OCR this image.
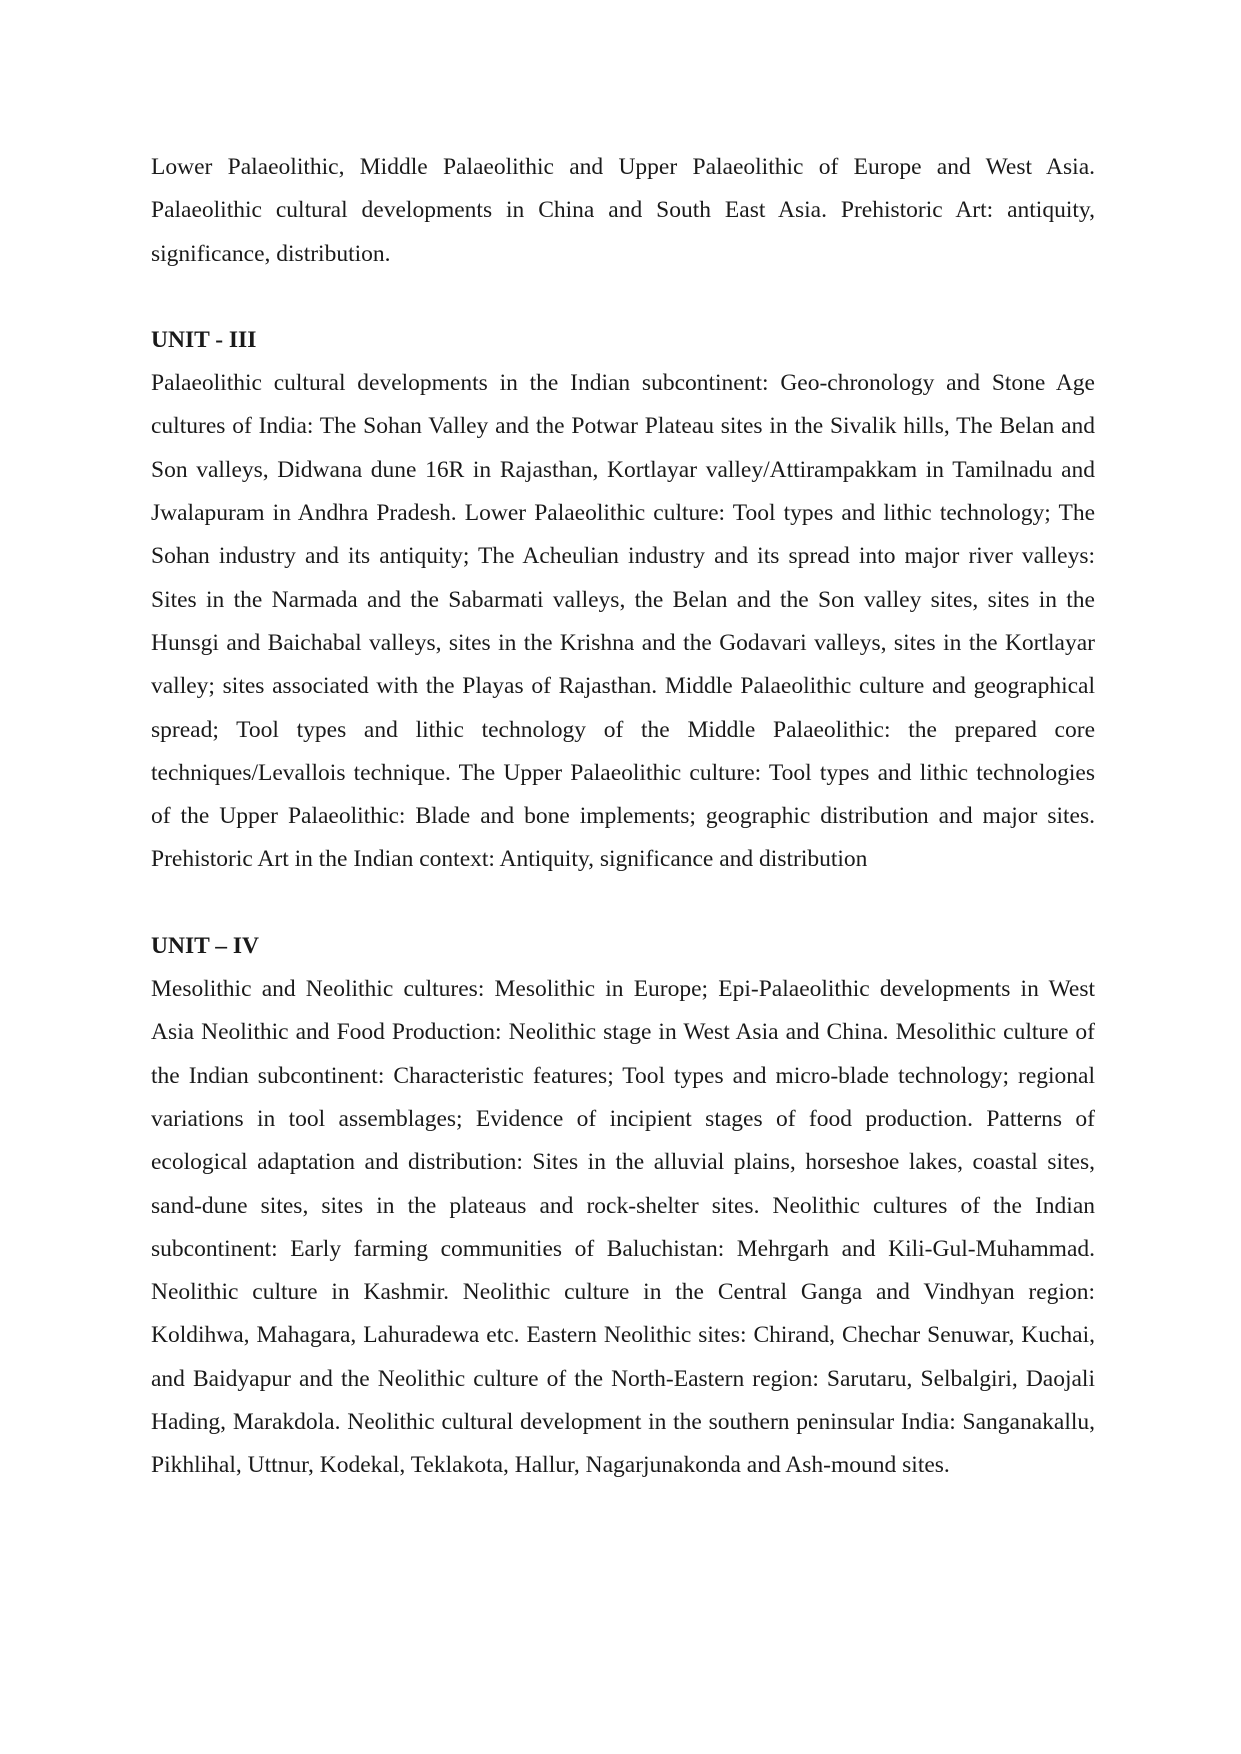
Lower Palaeolithic, Middle Palaeolithic and Upper Palaeolithic of Europe and West Asia. Palaeolithic cultural developments in China and South East Asia. Prehistoric Art: antiquity, significance, distribution.

UNIT - III

Palaeolithic cultural developments in the Indian subcontinent: Geo-chronology and Stone Age cultures of India: The Sohan Valley and the Potwar Plateau sites in the Sivalik hills, The Belan and Son valleys, Didwana dune 16R in Rajasthan, Kortlayar valley/Attirampakkam in Tamilnadu and Jwalapuram in Andhra Pradesh. Lower Palaeolithic culture: Tool types and lithic technology; The Sohan industry and its antiquity; The Acheulian industry and its spread into major river valleys: Sites in the Narmada and the Sabarmati valleys, the Belan and the Son valley sites, sites in the Hunsgi and Baichabal valleys, sites in the Krishna and the Godavari valleys, sites in the Kortlayar valley; sites associated with the Playas of Rajasthan. Middle Palaeolithic culture and geographical spread; Tool types and lithic technology of the Middle Palaeolithic: the prepared core techniques/Levallois technique. The Upper Palaeolithic culture: Tool types and lithic technologies of the Upper Palaeolithic: Blade and bone implements; geographic distribution and major sites. Prehistoric Art in the Indian context: Antiquity, significance and distribution

UNIT – IV

Mesolithic and Neolithic cultures: Mesolithic in Europe; Epi-Palaeolithic developments in West Asia Neolithic and Food Production: Neolithic stage in West Asia and China. Mesolithic culture of the Indian subcontinent: Characteristic features; Tool types and micro-blade technology; regional variations in tool assemblages; Evidence of incipient stages of food production. Patterns of ecological adaptation and distribution: Sites in the alluvial plains, horseshoe lakes, coastal sites, sand-dune sites, sites in the plateaus and rock-shelter sites. Neolithic cultures of the Indian subcontinent: Early farming communities of Baluchistan: Mehrgarh and Kili-Gul-Muhammad. Neolithic culture in Kashmir. Neolithic culture in the Central Ganga and Vindhyan region: Koldihwa, Mahagara, Lahuradewa etc. Eastern Neolithic sites: Chirand, Chechar Senuwar, Kuchai, and Baidyapur and the Neolithic culture of the North-Eastern region: Sarutaru, Selbalgiri, Daojali Hading, Marakdola. Neolithic cultural development in the southern peninsular India: Sanganakallu, Pikhlihal, Uttnur, Kodekal, Teklakota, Hallur, Nagarjunakonda and Ash-mound sites.
